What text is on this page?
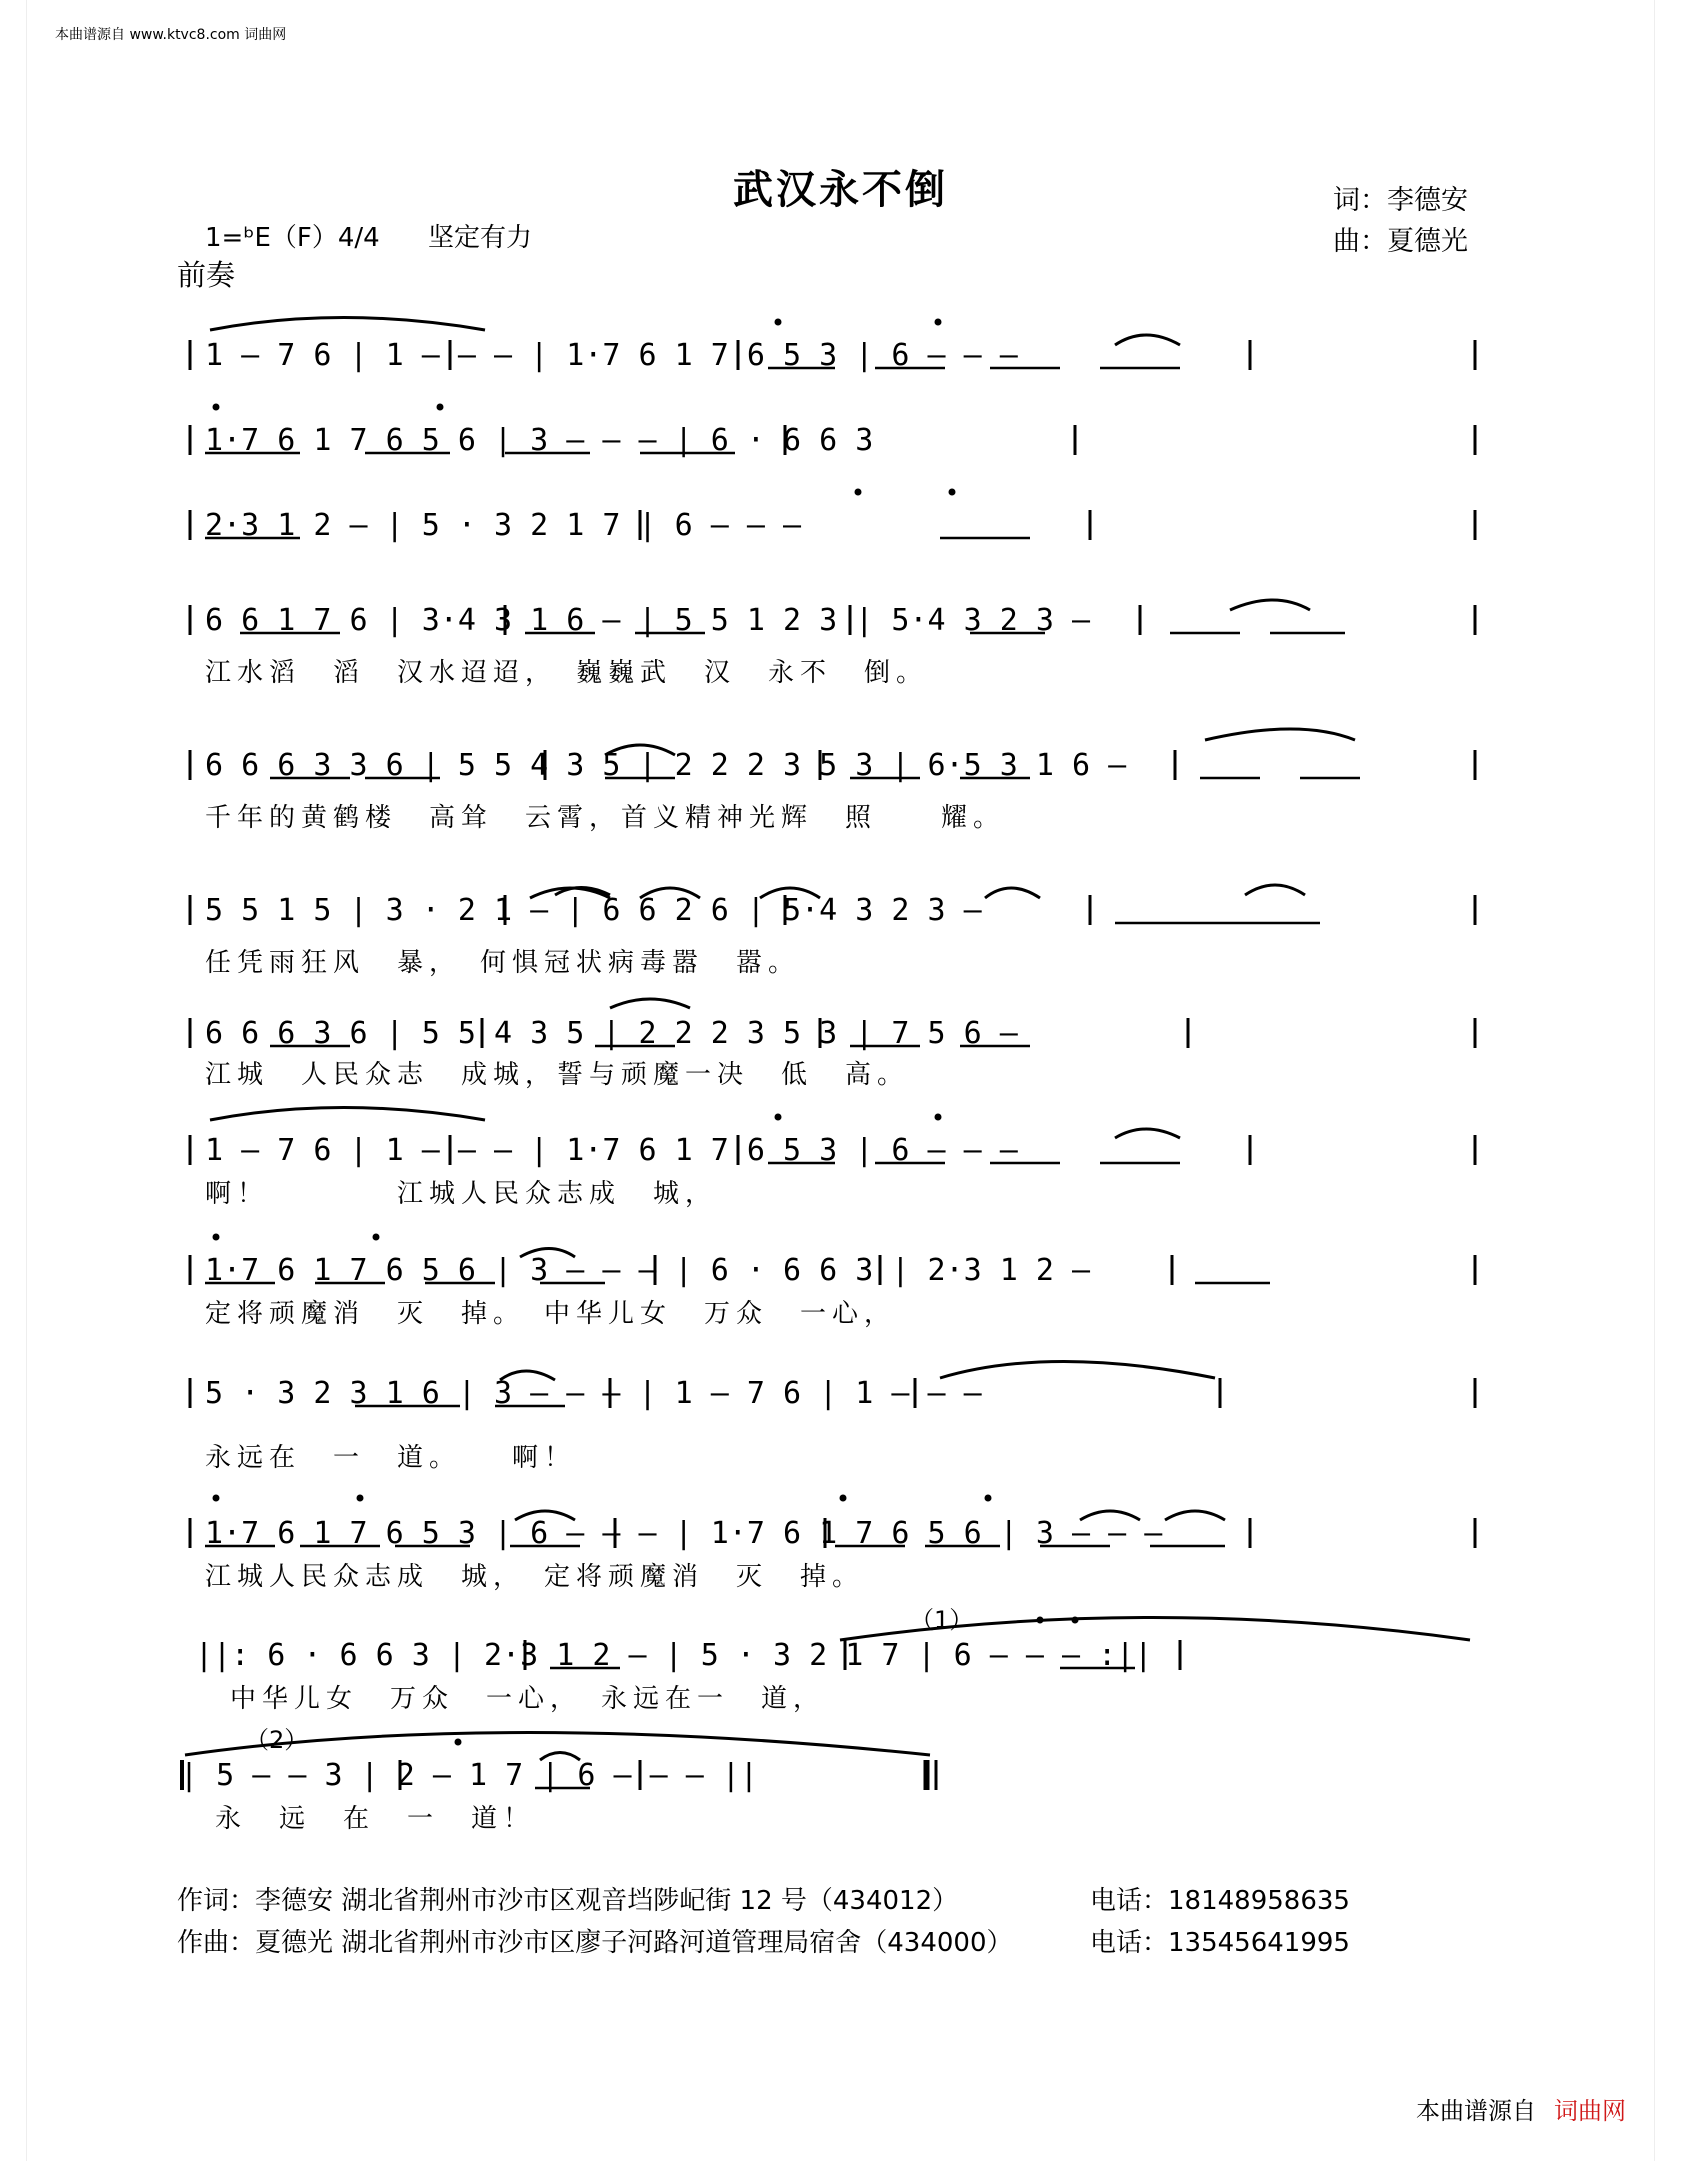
本曲谱源自 www.ktvc8.com 词曲网
武汉永不倒	词：李德安
曲：夏德光
1=ᵇE（F）4/4 坚定有力
前奏
1 — 7 6 | 1 — — — | 1·7 6 1 7 6 5 3 | 6 — — —
1·7 6 1 7 6 5 6 | 3 — — — | 6 · 6 6 3
2·3 1 2 — | 5 · 3 2 1 7 | 6 — — —
6 6 1 7 6 | 3·4 3 1 6 — | 5 5 1 2 3 | 5·4 3 2 3 —
江水滔　滔　汉水迢迢，　巍巍武　汉　永不　倒。
6 6 6 3 3 6 | 5 5 4 3 5 | 2 2 2 3 5 3 | 6·5 3 1 6 —
千年的黄鹤楼　高耸　云霄，首义精神光辉　照　　耀。
5 5 1 5 | 3 · 2 1 — | 6 6 2 6 | 5·4 3 2 3 —
任凭雨狂风　暴，　何惧冠状病毒嚣　嚣。
6 6 6 3 6 | 5 5 4 3 5 | 2 2 2 3 5 3 | 7 5 6 —
江城　人民众志　成城，誓与顽魔一决　低　高。
1 — 7 6 | 1 — — — | 1·7 6 1 7 6 5 3 | 6 — — —
啊！　　　　江城人民众志成　城，
1·7 6 1 7 6 5 6 | 3 — — — | 6 · 6 6 3 | 2·3 1 2 —
定将顽魔消　灭　掉。　中华儿女　万众　一心，
5 · 3 2 3 1 6 | 3 — — — | 1 — 7 6 | 1 — — —
永远在　一　道。　　啊！
1·7 6 1 7 6 5 3 | 6 — — — | 1·7 6 1 7 6 5 6 | 3 — — —
江城人民众志成　城，　定将顽魔消　灭　掉。
（1）
||: 6 · 6 6 3 | 2·3 1 2 — | 5 · 3 2 1 7 | 6 — — — :||
中华儿女　万众　一心，　永远在一　道，
（2）
| 5 — — 3 | 2 — 1 7 | 6 — — — ||
永　远　在　一　道！
作词：李德安 湖北省荆州市沙市区观音垱陟屺街 12 号（434012）	电话：18148958635
作曲：夏德光 湖北省荆州市沙市区廖子河路河道管理局宿舍（434000）	电话：13545641995
本曲谱源自 词曲网
